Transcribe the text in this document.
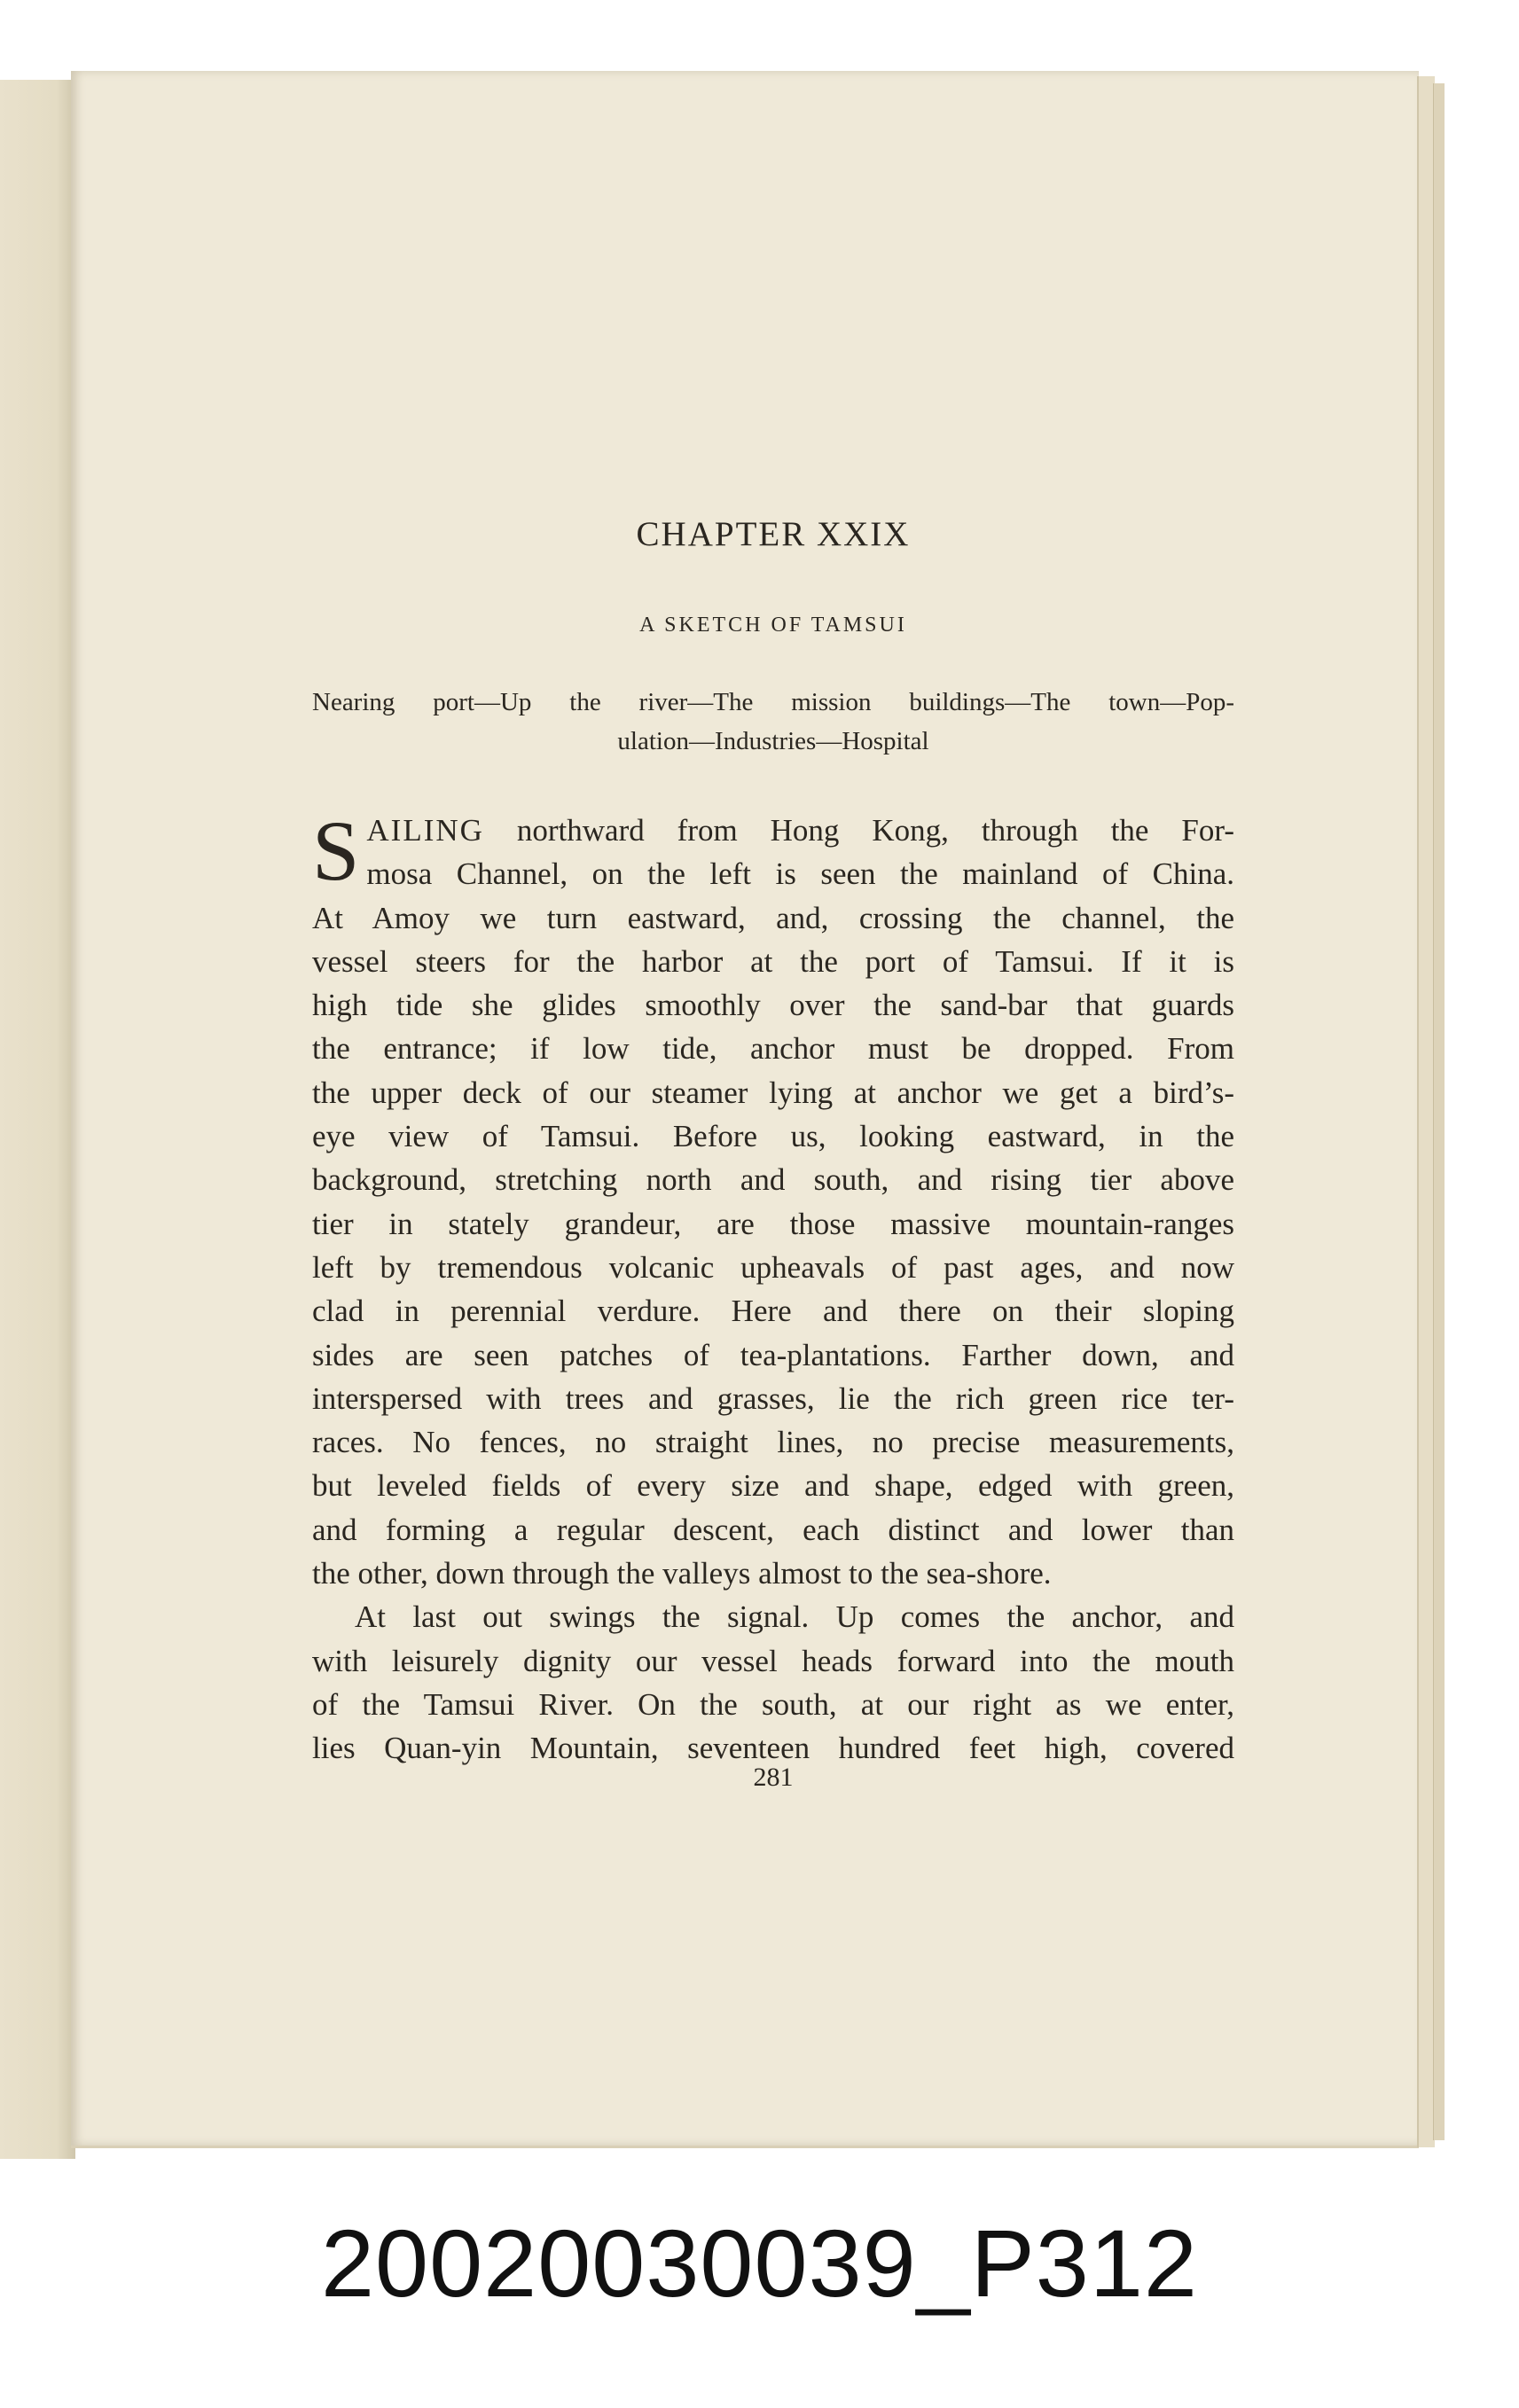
CHAPTER XXIX
A SKETCH OF TAMSUI
Nearing port—Up the river—The mission buildings—The town—Pop-
ulation—Industries—Hospital
S AILING northward from Hong Kong, through the For-
mosa Channel, on the left is seen the mainland of China.
At Amoy we turn eastward, and, crossing the channel, the
vessel steers for the harbor at the port of Tamsui. If it is
high tide she glides smoothly over the sand-bar that guards
the entrance; if low tide, anchor must be dropped. From
the upper deck of our steamer lying at anchor we get a bird’s-
eye view of Tamsui. Before us, looking eastward, in the
background, stretching north and south, and rising tier above
tier in stately grandeur, are those massive mountain-ranges
left by tremendous volcanic upheavals of past ages, and now
clad in perennial verdure. Here and there on their sloping
sides are seen patches of tea-plantations. Farther down, and
interspersed with trees and grasses, lie the rich green rice ter-
races. No fences, no straight lines, no precise measurements,
but leveled fields of every size and shape, edged with green,
and forming a regular descent, each distinct and lower than
the other, down through the valleys almost to the sea-shore.
At last out swings the signal. Up comes the anchor, and
with leisurely dignity our vessel heads forward into the mouth
of the Tamsui River. On the south, at our right as we enter,
lies Quan-yin Mountain, seventeen hundred feet high, covered
281
20020030039_P312
